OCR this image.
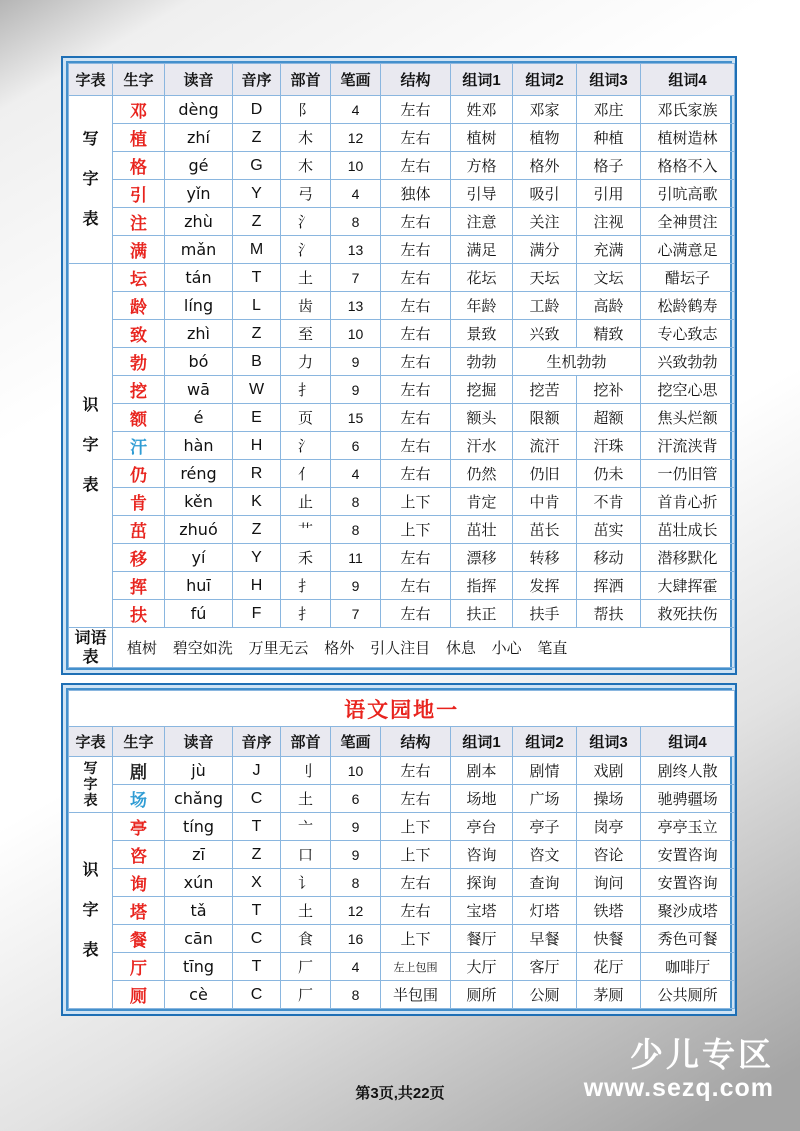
字表	生字	读音	音序	部首	笔画	结构	组词1	组词2	组词3	组词4

写
字
表	邓	dèng	D	阝	4	左右	姓邓	邓家	邓庄	邓氏家族
	植	zhí	Z	木	12	左右	植树	植物	种植	植树造林
	格	gé	G	木	10	左右	方格	格外	格子	格格不入
	引	yǐn	Y	弓	4	独体	引导	吸引	引用	引吭高歌
	注	zhù	Z	氵	8	左右	注意	关注	注视	全神贯注
	满	mǎn	M	氵	13	左右	满足	满分	充满	心满意足

识
字
表	坛	tán	T	土	7	左右	花坛	天坛	文坛	醋坛子
	龄	líng	L	齿	13	左右	年龄	工龄	高龄	松龄鹤寿
	致	zhì	Z	至	10	左右	景致	兴致	精致	专心致志
	勃	bó	B	力	9	左右	勃勃	生机勃勃		兴致勃勃
	挖	wā	W	扌	9	左右	挖掘	挖苦	挖补	挖空心思
	额	é	E	页	15	左右	额头	限额	超额	焦头烂额
	汗	hàn	H	氵	6	左右	汗水	流汗	汗珠	汗流浃背
	仍	réng	R	亻	4	左右	仍然	仍旧	仍未	一仍旧管
	肯	kěn	K	止	8	上下	肯定	中肯	不肯	首肯心折
	茁	zhuó	Z	艹	8	上下	茁壮	茁长	茁实	茁壮成长
	移	yí	Y	禾	11	左右	漂移	转移	移动	潜移默化
	挥	huī	H	扌	9	左右	指挥	发挥	挥洒	大肆挥霍
	扶	fú	F	扌	7	左右	扶正	扶手	帮扶	救死扶伤

词语表	植树 碧空如洗 万里无云 格外 引人注目 休息 小心 笔直									
语文园地一										
字表	生字	读音	音序	部首	笔画	结构	组词1	组词2	组词3	组词4

写
字
表	剧	jù	J	刂	10	左右	剧本	剧情	戏剧	剧终人散
	场	chǎng	C	土	6	左右	场地	广场	操场	驰骋疆场

识
字
表	亭	tíng	T	亠	9	上下	亭台	亭子	岗亭	亭亭玉立
	咨	zī	Z	口	9	上下	咨询	咨文	咨论	安置咨询
	询	xún	X	讠	8	左右	探询	查询	询问	安置咨询
	塔	tǎ	T	土	12	左右	宝塔	灯塔	铁塔	聚沙成塔
	餐	cān	C	食	16	上下	餐厅	早餐	快餐	秀色可餐
	厅	tīng	T	厂	4	左上包围	大厅	客厅	花厅	咖啡厅
	厕	cè	C	厂	8	半包围	厕所	公厕	茅厕	公共厕所
第3页,共22页
少儿专区
www.sezq.com
